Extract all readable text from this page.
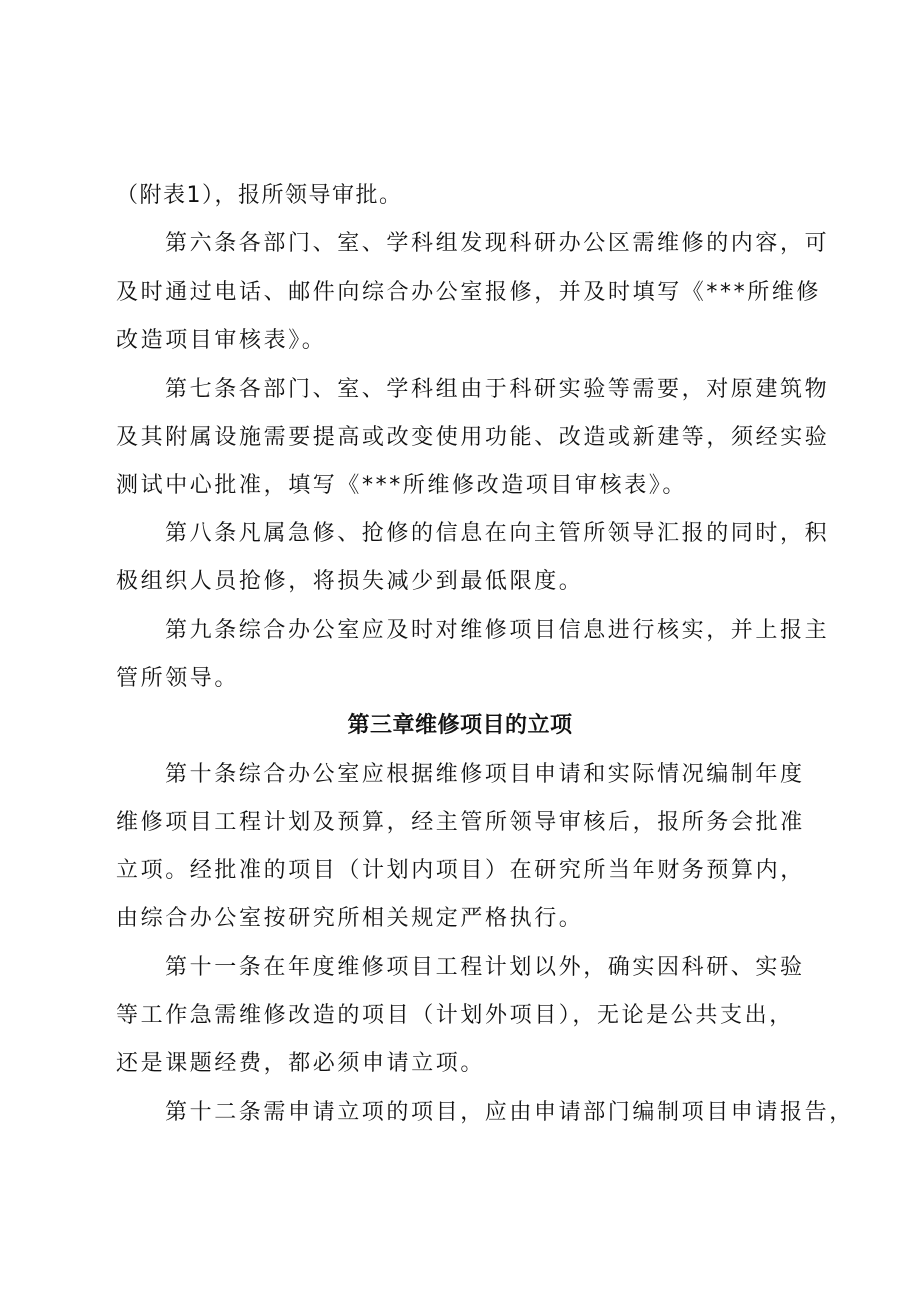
（附表1），报所领导审批。
第六条各部门、室、学科组发现科研办公区需维修的内容，可
及时通过电话、邮件向综合办公室报修，并及时填写《***所维修
改造项目审核表》。
第七条各部门、室、学科组由于科研实验等需要，对原建筑物
及其附属设施需要提高或改变使用功能、改造或新建等，须经实验
测试中心批准，填写《***所维修改造项目审核表》。
第八条凡属急修、抢修的信息在向主管所领导汇报的同时，积
极组织人员抢修，将损失减少到最低限度。
第九条综合办公室应及时对维修项目信息进行核实，并上报主
管所领导。
第三章维修项目的立项
第十条综合办公室应根据维修项目申请和实际情况编制年度
维修项目工程计划及预算，经主管所领导审核后，报所务会批准
立项。经批准的项目（计划内项目）在研究所当年财务预算内，
由综合办公室按研究所相关规定严格执行。
第十一条在年度维修项目工程计划以外，确实因科研、实验
等工作急需维修改造的项目（计划外项目），无论是公共支出，
还是课题经费，都必须申请立项。
第十二条需申请立项的项目，应由申请部门编制项目申请报告，
